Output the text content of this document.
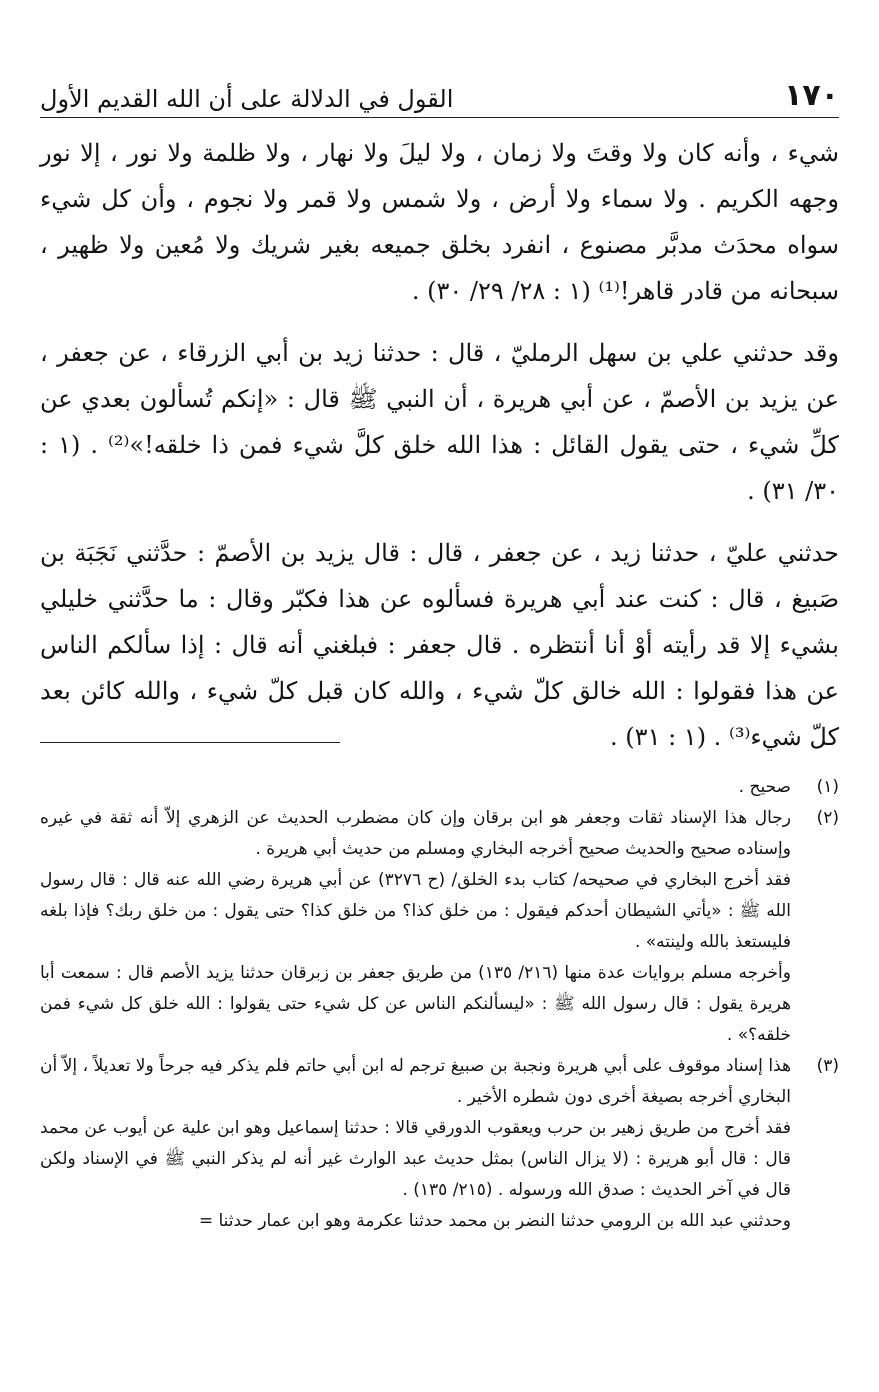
القول في الدلالة على أن الله القديم الأول	١٧٠

شيء ، وأنه كان ولا وقتَ ولا زمان ، ولا ليلَ ولا نهار ، ولا ظلمة ولا نور ، إلا نور وجهه الكريم . ولا سماء ولا أرض ، ولا شمس ولا قمر ولا نجوم ، وأن كل شيء سواه محدَث مدبَّر مصنوع ، انفرد بخلق جميعه بغير شريك ولا مُعين ولا ظهير ، سبحانه من قادر قاهر!⁽¹⁾ (١ : ٢٨/ ٢٩/ ٣٠) .

وقد حدثني علي بن سهل الرمليّ ، قال : حدثنا زيد بن أبي الزرقاء ، عن جعفر ، عن يزيد بن الأصمّ ، عن أبي هريرة ، أن النبي ﷺ قال : «إنكم تُسألون بعدي عن كلِّ شيء ، حتى يقول القائل : هذا الله خلق كلَّ شيء فمن ذا خلقه!»⁽²⁾ . (١ : ٣٠/ ٣١) .

حدثني عليّ ، حدثنا زيد ، عن جعفر ، قال : قال يزيد بن الأصمّ : حدَّثني نَجَبَة بن صَبيغ ، قال : كنت عند أبي هريرة فسألوه عن هذا فكبّر وقال : ما حدَّثني خليلي بشيء إلا قد رأيته أوْ أنا أنتظره . قال جعفر : فبلغني أنه قال : إذا سألكم الناس عن هذا فقولوا : الله خالق كلّ شيء ، والله كان قبل كلّ شيء ، والله كائن بعد كلّ شيء⁽³⁾ . (١ : ٣١) .

(١)

صحيح .

(٢)

رجال هذا الإسناد ثقات وجعفر هو ابن برقان وإن كان مضطرب الحديث عن الزهري إلاّ أنه ثقة في غيره وإسناده صحيح والحديث صحيح أخرجه البخاري ومسلم من حديث أبي هريرة .

فقد أخرج البخاري في صحيحه/ كتاب بدء الخلق/ (ح ٣٢٧٦) عن أبي هريرة رضي الله عنه قال : قال رسول الله ﷺ : «يأتي الشيطان أحدكم فيقول : من خلق كذا؟ من خلق كذا؟ حتى يقول : من خلق ربك؟ فإذا بلغه فليستعذ بالله ولينته» .

وأخرجه مسلم بروايات عدة منها (٢١٦/ ١٣٥) من طريق جعفر بن زبرقان حدثنا يزيد الأصم قال : سمعت أبا هريرة يقول : قال رسول الله ﷺ : «ليسألنكم الناس عن كل شيء حتى يقولوا : الله خلق كل شيء فمن خلقه؟» .

(٣)

هذا إسناد موقوف على أبي هريرة ونجبة بن صبيغ ترجم له ابن أبي حاتم فلم يذكر فيه جرحاً ولا تعديلاً ، إلاّ أن البخاري أخرجه بصيغة أخرى دون شطره الأخير .

فقد أخرج من طريق زهير بن حرب ويعقوب الدورقي قالا : حدثنا إسماعيل وهو ابن علية عن أيوب عن محمد قال : قال أبو هريرة : (لا يزال الناس) بمثل حديث عبد الوارث غير أنه لم يذكر النبي ﷺ في الإسناد ولكن قال في آخر الحديث : صدق الله ورسوله . (٢١٥/ ١٣٥) .

وحدثني عبد الله بن الرومي حدثنا النضر بن محمد حدثنا عكرمة وهو ابن عمار حدثنا =
